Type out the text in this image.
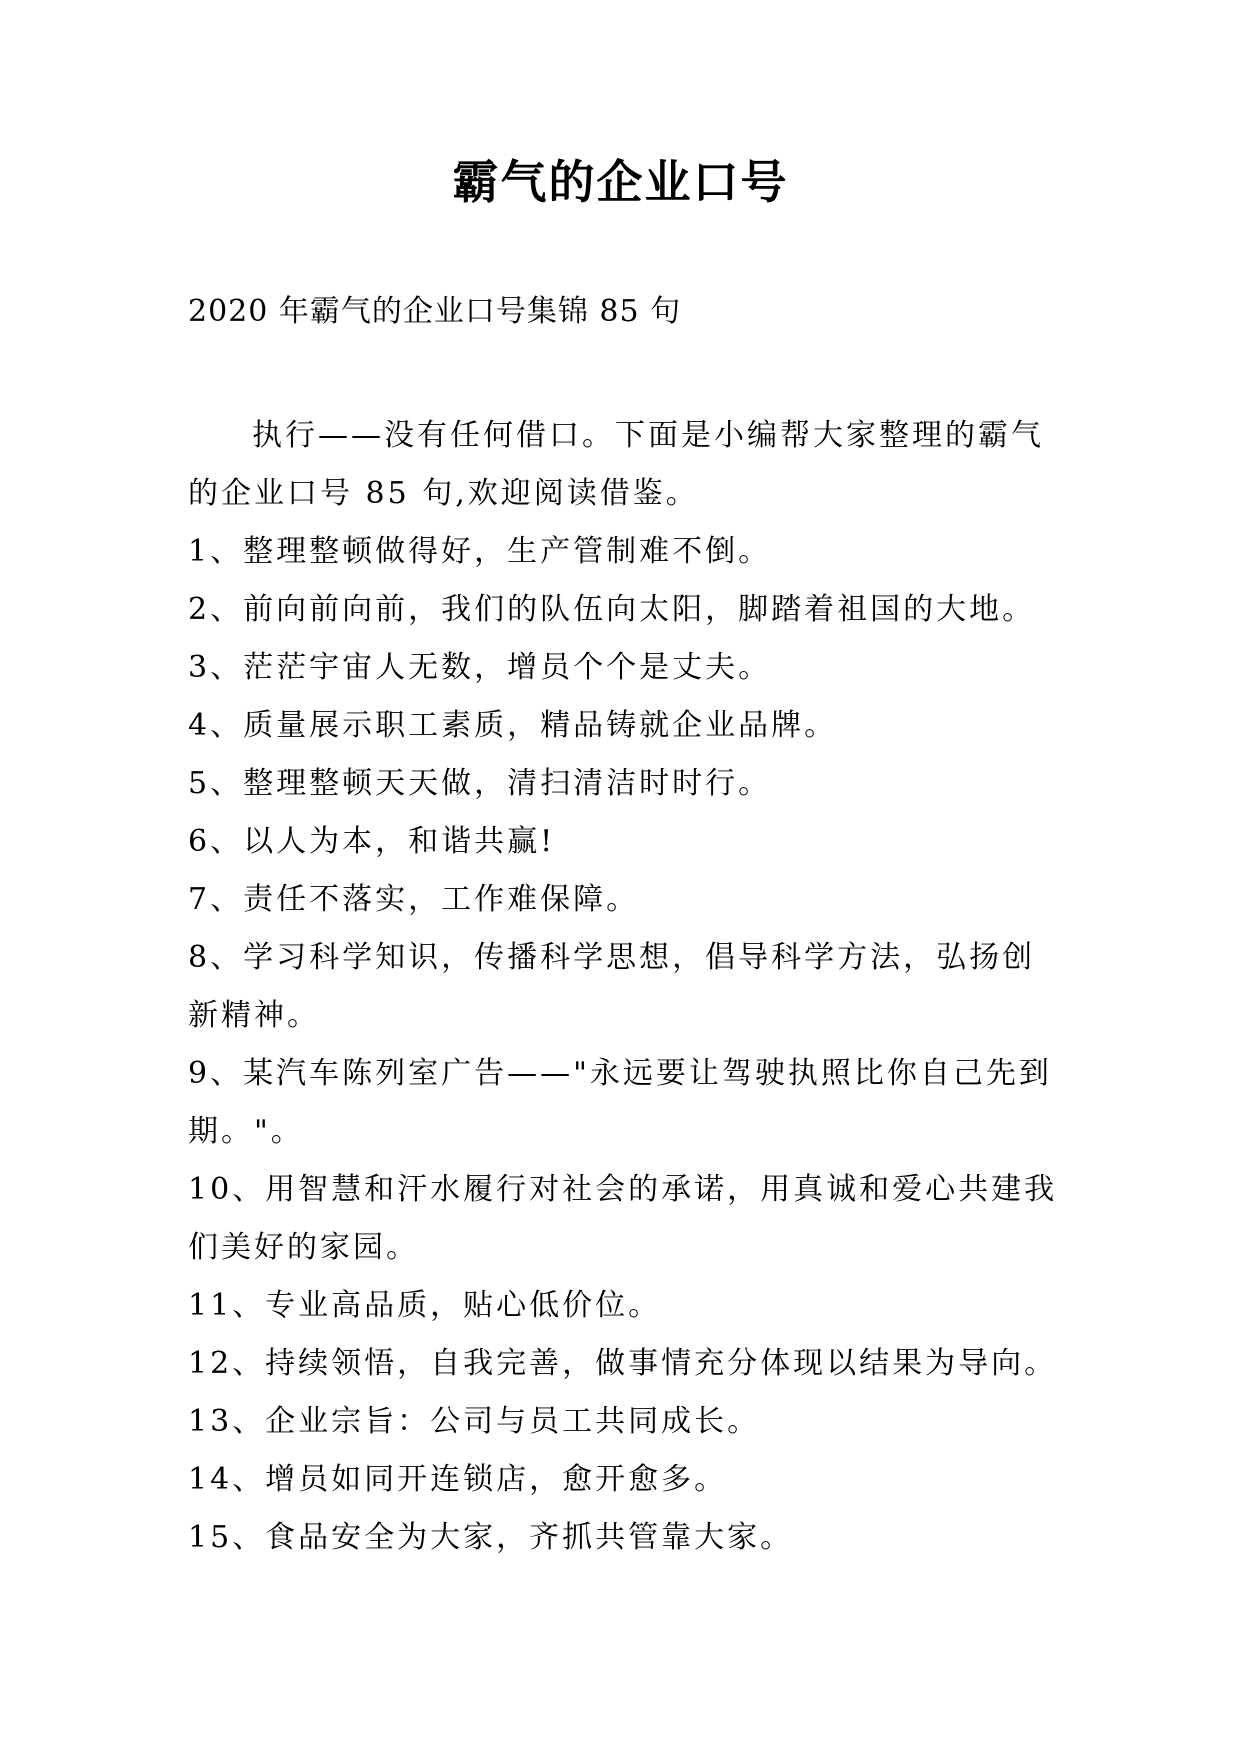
霸气的企业口号
2020 年霸气的企业口号集锦 85 句

执行——没有任何借口。下面是小编帮大家整理的霸气的企业口号 85 句,欢迎阅读借鉴。

1、整理整顿做得好，生产管制难不倒。

2、前向前向前，我们的队伍向太阳，脚踏着祖国的大地。

3、茫茫宇宙人无数，增员个个是丈夫。

4、质量展示职工素质，精品铸就企业品牌。

5、整理整顿天天做，清扫清洁时时行。

6、以人为本，和谐共赢!

7、责任不落实，工作难保障。

8、学习科学知识，传播科学思想，倡导科学方法，弘扬创新精神。

9、某汽车陈列室广告——"永远要让驾驶执照比你自己先到期。"。

10、用智慧和汗水履行对社会的承诺，用真诚和爱心共建我们美好的家园。

11、专业高品质，贴心低价位。

12、持续领悟，自我完善，做事情充分体现以结果为导向。

13、企业宗旨：公司与员工共同成长。

14、增员如同开连锁店，愈开愈多。

15、食品安全为大家，齐抓共管靠大家。
